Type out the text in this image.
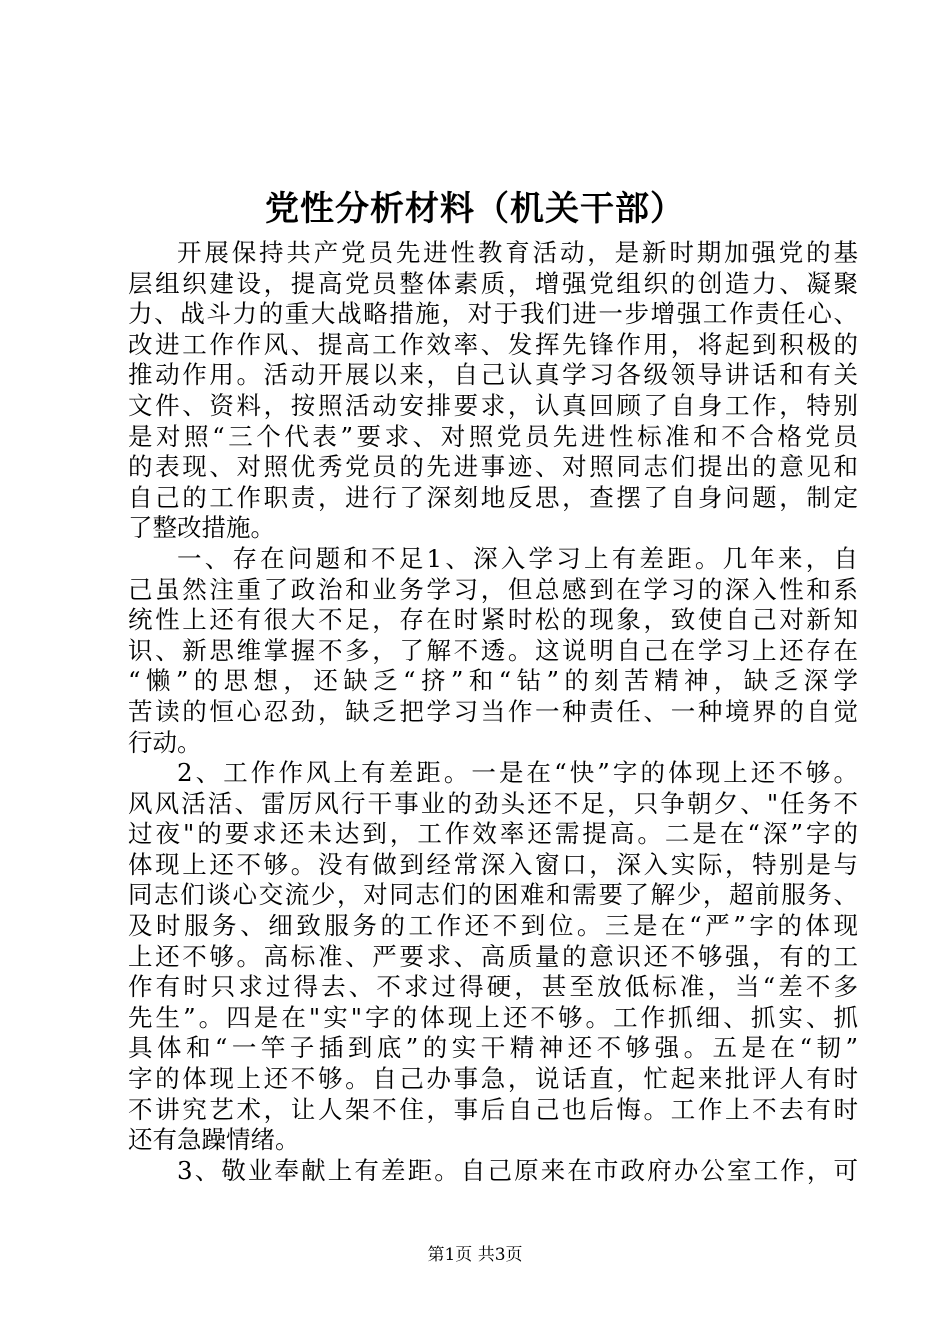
党性分析材料（机关干部）
开展保持共产党员先进性教育活动，是新时期加强党的基
层组织建设，提高党员整体素质，增强党组织的创造力、凝聚
力、战斗力的重大战略措施，对于我们进一步增强工作责任心、
改进工作作风、提高工作效率、发挥先锋作用，将起到积极的
推动作用。活动开展以来，自己认真学习各级领导讲话和有关
文件、资料，按照活动安排要求，认真回顾了自身工作，特别
是对照“三个代表”要求、对照党员先进性标准和不合格党员
的表现、对照优秀党员的先进事迹、对照同志们提出的意见和
自己的工作职责，进行了深刻地反思，查摆了自身问题，制定
了整改措施。
一、存在问题和不足1、深入学习上有差距。几年来，自
己虽然注重了政治和业务学习，但总感到在学习的深入性和系
统性上还有很大不足，存在时紧时松的现象，致使自己对新知
识、新思维掌握不多，了解不透。这说明自己在学习上还存在
“懒”的思想，还缺乏“挤”和“钻”的刻苦精神，缺乏深学
苦读的恒心忍劲，缺乏把学习当作一种责任、一种境界的自觉
行动。
2、工作作风上有差距。一是在“快”字的体现上还不够。
风风活活、雷厉风行干事业的劲头还不足，只争朝夕、"任务不
过夜"的要求还未达到，工作效率还需提高。二是在“深”字的
体现上还不够。没有做到经常深入窗口，深入实际，特别是与
同志们谈心交流少，对同志们的困难和需要了解少，超前服务、
及时服务、细致服务的工作还不到位。三是在“严”字的体现
上还不够。高标准、严要求、高质量的意识还不够强，有的工
作有时只求过得去、不求过得硬，甚至放低标准，当“差不多
先生”。四是在"实"字的体现上还不够。工作抓细、抓实、抓
具体和“一竿子插到底”的实干精神还不够强。五是在“韧”
字的体现上还不够。自己办事急，说话直，忙起来批评人有时
不讲究艺术，让人架不住，事后自己也后悔。工作上不去有时
还有急躁情绪。
3、敬业奉献上有差距。自己原来在市政府办公室工作，可
第1页 共3页
